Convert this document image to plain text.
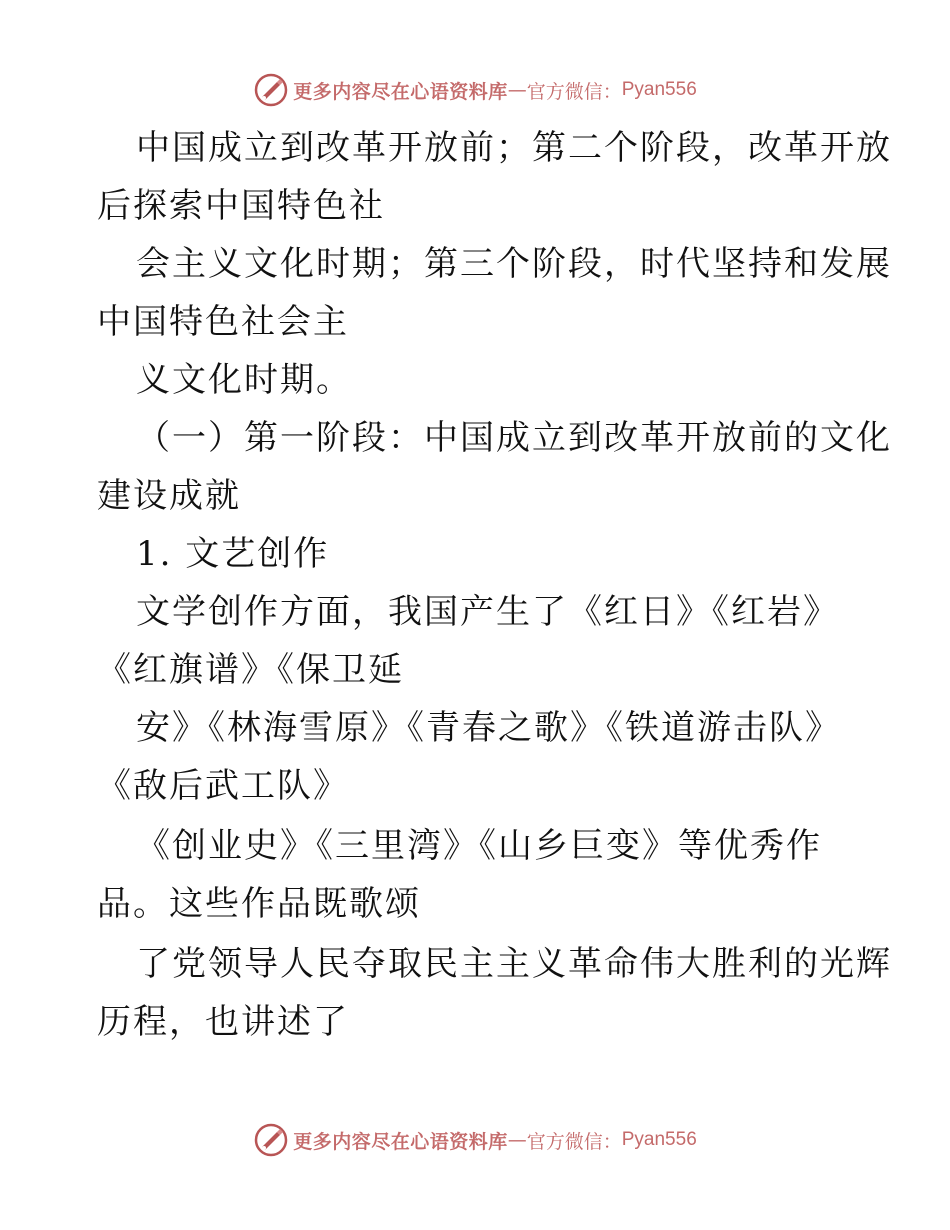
更多内容尽在心语资料库 — 官方微信： Pyan556
中国成立到改革开放前；第二个阶段，改革开放
后探索中国特色社
会主义文化时期；第三个阶段，时代坚持和发展
中国特色社会主
义文化时期。
（一）第一阶段：中国成立到改革开放前的文化
建设成就
1. 文艺创作
文学创作方面，我国产生了《红日》《红岩》
《红旗谱》《保卫延
安》《林海雪原》《青春之歌》《铁道游击队》
《敌后武工队》
《创业史》《三里湾》《山乡巨变》等优秀作
品。这些作品既歌颂
了党领导人民夺取民主主义革命伟大胜利的光辉
历程，也讲述了
更多内容尽在心语资料库 — 官方微信： Pyan556
